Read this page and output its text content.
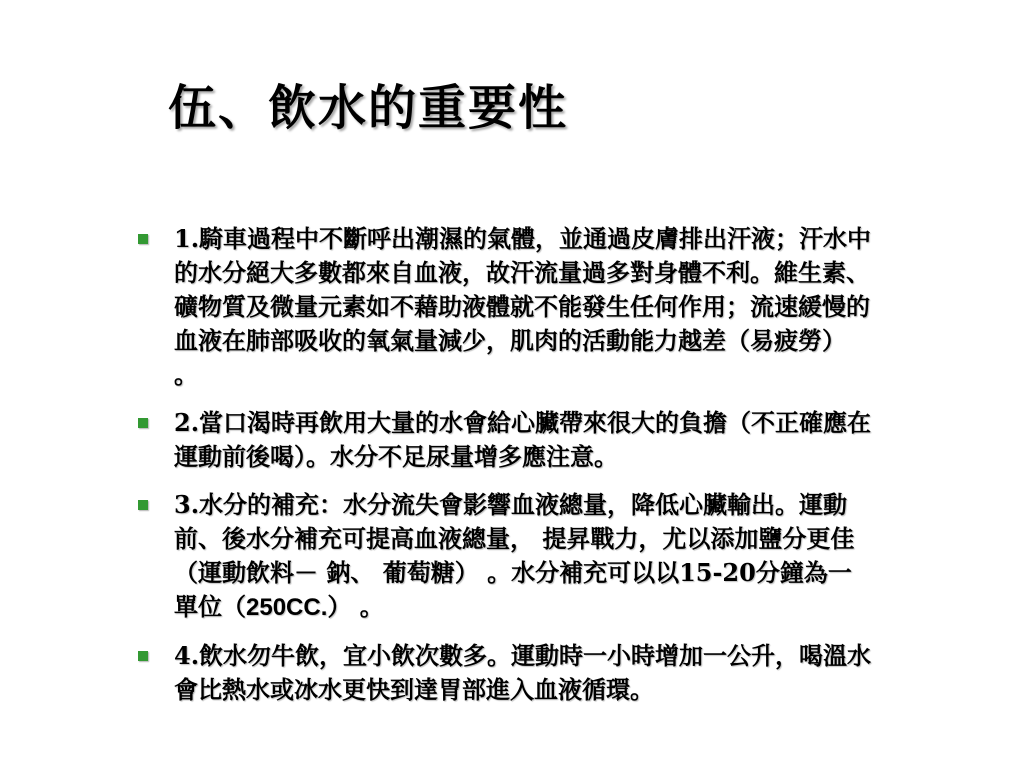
伍、飲水的重要性
1.騎車過程中不斷呼出潮濕的氣體，並通過皮膚排出汗液；汗水中的水分絕大多數都來自血液，故汗流量過多對身體不利。維生素、礦物質及微量元素如不藉助液體就不能發生任何作用；流速緩慢的血液在肺部吸收的氧氣量減少，肌肉的活動能力越差（易疲勞） 。
2.當口渴時再飲用大量的水會給心臟帶來很大的負擔（不正確應在運動前後喝）。水分不足尿量增多應注意。
3.水分的補充：水分流失會影響血液總量，降低心臟輸出。運動前、後水分補充可提高血液總量， 提昇戰力，尤以添加鹽分更佳 （運動飲料－ 鈉、 葡萄糖） 。水分補充可以以15-20分鐘為一單位（250CC.） 。
4.飲水勿牛飲，宜小飲次數多。運動時一小時增加一公升，喝溫水會比熱水或冰水更快到達胃部進入血液循環。
